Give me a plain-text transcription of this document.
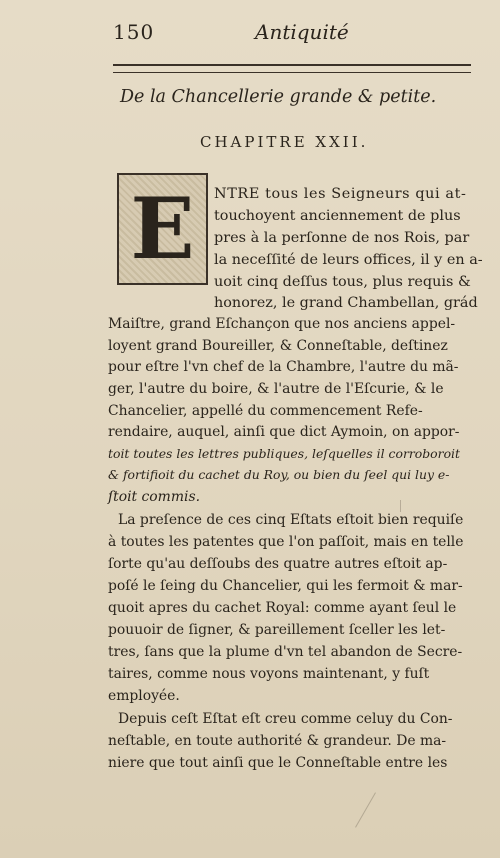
150	Antiquité
De la Chancellerie grande & petite.
CHAPITRE XXII.
E	NTRE tous les Seigneurs qui at-
touchoyent anciennement de plus
pres à la perſonne de nos Rois, par
la neceſſité de leurs offices, il y en a-
uoit cinq deſſus tous, plus requis &
honorez, le grand Chambellan, grád
Maiſtre, grand Eſchançon que nos anciens appel-
loyent grand Boureiller, & Conneſtable, deſtinez
pour eſtre l'vn chef de la Chambre, l'autre du mã-
ger, l'autre du boire, & l'autre de l'Eſcurie, & le
Chancelier, appellé du commencement Refe-
rendaire, auquel, ainſi que dict Aymoin, on appor-
toit toutes les lettres publiques, leſquelles il corroboroit
& fortifioit du cachet du Roy, ou bien du ſeel qui luy e-
ſtoit commis.
La preſence de ces cinq Eſtats eſtoit bien requiſe
à toutes les patentes que l'on paſſoit, mais en telle
ſorte qu'au deſſoubs des quatre autres eſtoit ap-
poſé le ſeing du Chancelier, qui les fermoit & mar-
quoit apres du cachet Royal: comme ayant ſeul le
pouuoir de ſigner, & pareillement ſceller les let-
tres, ſans que la plume d'vn tel abandon de Secre-
taires, comme nous voyons maintenant, y fuſt
employée.
Depuis ceſt Eſtat eſt creu comme celuy du Con-
neſtable, en toute authorité & grandeur. De ma-
niere que tout ainſi que le Conneſtable entre les
